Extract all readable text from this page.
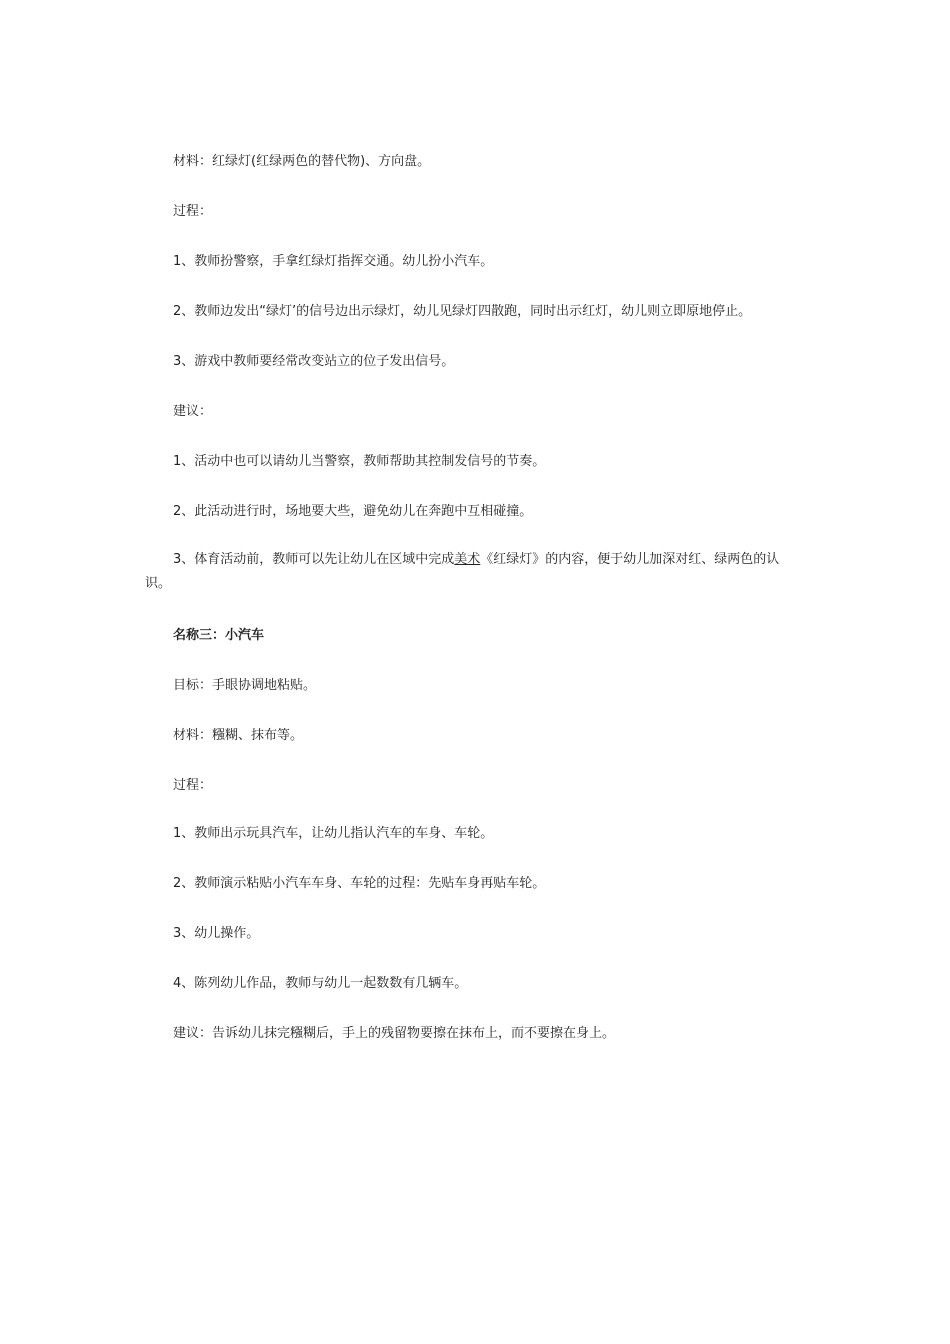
材料：红绿灯(红绿两色的替代物)、方向盘。
过程：
1、教师扮警察，手拿红绿灯指挥交通。幼儿扮小汽车。
2、教师边发出“绿灯’的信号边出示绿灯，幼儿见绿灯四散跑，同时出示红灯，幼儿则立即原地停止。
3、游戏中教师要经常改变站立的位子发出信号。
建议：
1、活动中也可以请幼儿当警察，教师帮助其控制发信号的节奏。
2、此活动进行时，场地要大些，避免幼儿在奔跑中互相碰撞。
3、体育活动前，教师可以先让幼儿在区域中完成美术《红绿灯》的内容，便于幼儿加深对红、绿两色的认
识。
名称三：小汽车
目标：手眼协调地粘贴。
材料：糨糊、抹布等。
过程：
1、教师出示玩具汽车，让幼儿指认汽车的车身、车轮。
2、教师演示粘贴小汽车车身、车轮的过程：先贴车身再贴车轮。
3、幼儿操作。
4、陈列幼儿作品，教师与幼儿一起数数有几辆车。
建议：告诉幼儿抹完糨糊后，手上的残留物要擦在抹布上，而不要擦在身上。
